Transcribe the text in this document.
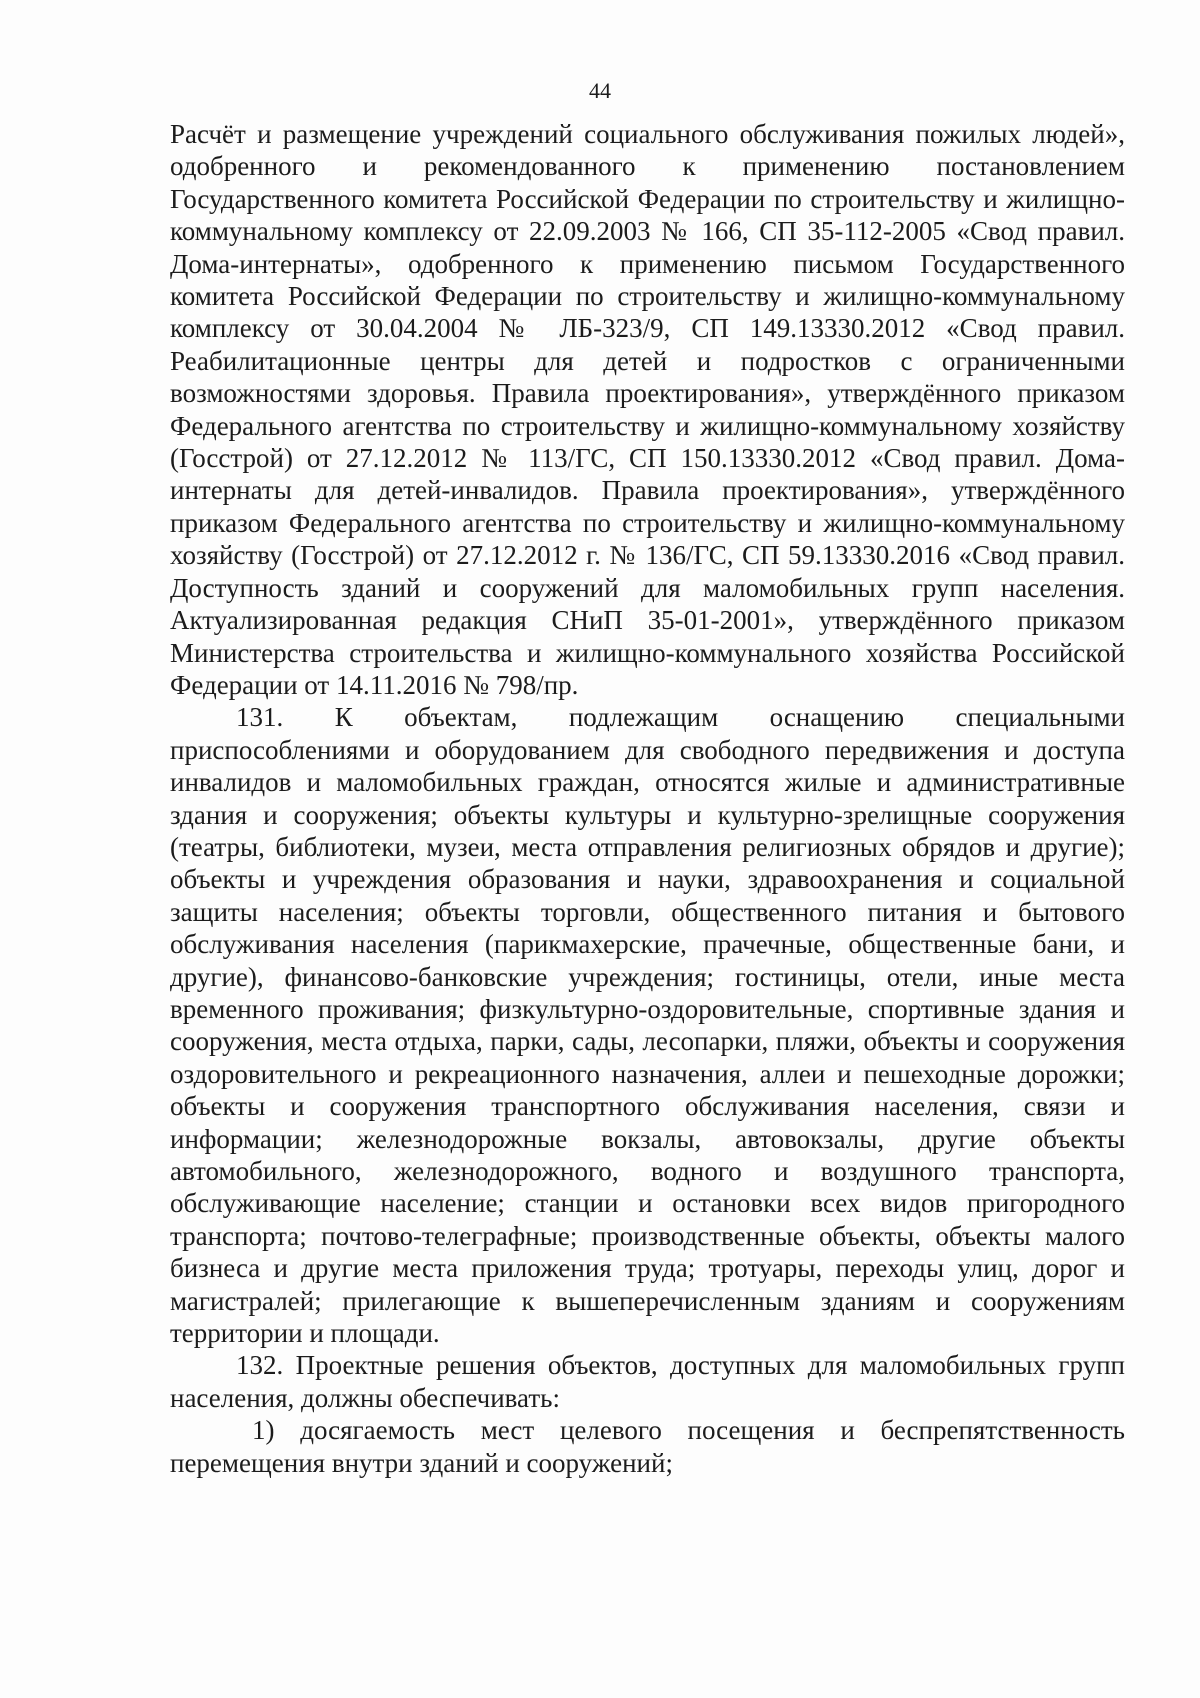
44

Расчёт и размещение учреждений социального обслуживания пожилых людей», одобренного и рекомендованного к применению постановлением Государственного комитета Российской Федерации по строительству и жилищно-коммунальному комплексу от 22.09.2003 № 166, СП 35-112-2005 «Свод правил. Дома-интернаты», одобренного к применению письмом Государственного комитета Российской Федерации по строительству и жилищно-коммунальному комплексу от 30.04.2004 № ЛБ-323/9, СП 149.13330.2012 «Свод правил. Реабилитационные центры для детей и подростков с ограниченными возможностями здоровья. Правила проектирования», утверждённого приказом Федерального агентства по строительству и жилищно-коммунальному хозяйству (Госстрой) от 27.12.2012 № 113/ГС, СП 150.13330.2012 «Свод правил. Дома-интернаты для детей-инвалидов. Правила проектирования», утверждённого приказом Федерального агентства по строительству и жилищно-коммунальному хозяйству (Госстрой) от 27.12.2012 г. № 136/ГС, СП 59.13330.2016 «Свод правил. Доступность зданий и сооружений для маломобильных групп населения. Актуализированная редакция СНиП 35-01-2001», утверждённого приказом Министерства строительства и жилищно-коммунального хозяйства Российской Федерации от 14.11.2016 № 798/пр.

131. К объектам, подлежащим оснащению специальными приспособлениями и оборудованием для свободного передвижения и доступа инвалидов и маломобильных граждан, относятся жилые и административные здания и сооружения; объекты культуры и культурно-зрелищные сооружения (театры, библиотеки, музеи, места отправления религиозных обрядов и другие); объекты и учреждения образования и науки, здравоохранения и социальной защиты населения; объекты торговли, общественного питания и бытового обслуживания населения (парикмахерские, прачечные, общественные бани, и другие), финансово-банковские учреждения; гостиницы, отели, иные места временного проживания; физкультурно-оздоровительные, спортивные здания и сооружения, места отдыха, парки, сады, лесопарки, пляжи, объекты и сооружения оздоровительного и рекреационного назначения, аллеи и пешеходные дорожки; объекты и сооружения транспортного обслуживания населения, связи и информации; железнодорожные вокзалы, автовокзалы, другие объекты автомобильного, железнодорожного, водного и воздушного транспорта, обслуживающие население; станции и остановки всех видов пригородного транспорта; почтово-телеграфные; производственные объекты, объекты малого бизнеса и другие места приложения труда; тротуары, переходы улиц, дорог и магистралей; прилегающие к вышеперечисленным зданиям и сооружениям территории и площади.

132. Проектные решения объектов, доступных для маломобильных групп населения, должны обеспечивать:

1) досягаемость мест целевого посещения и беспрепятственность перемещения внутри зданий и сооружений;
